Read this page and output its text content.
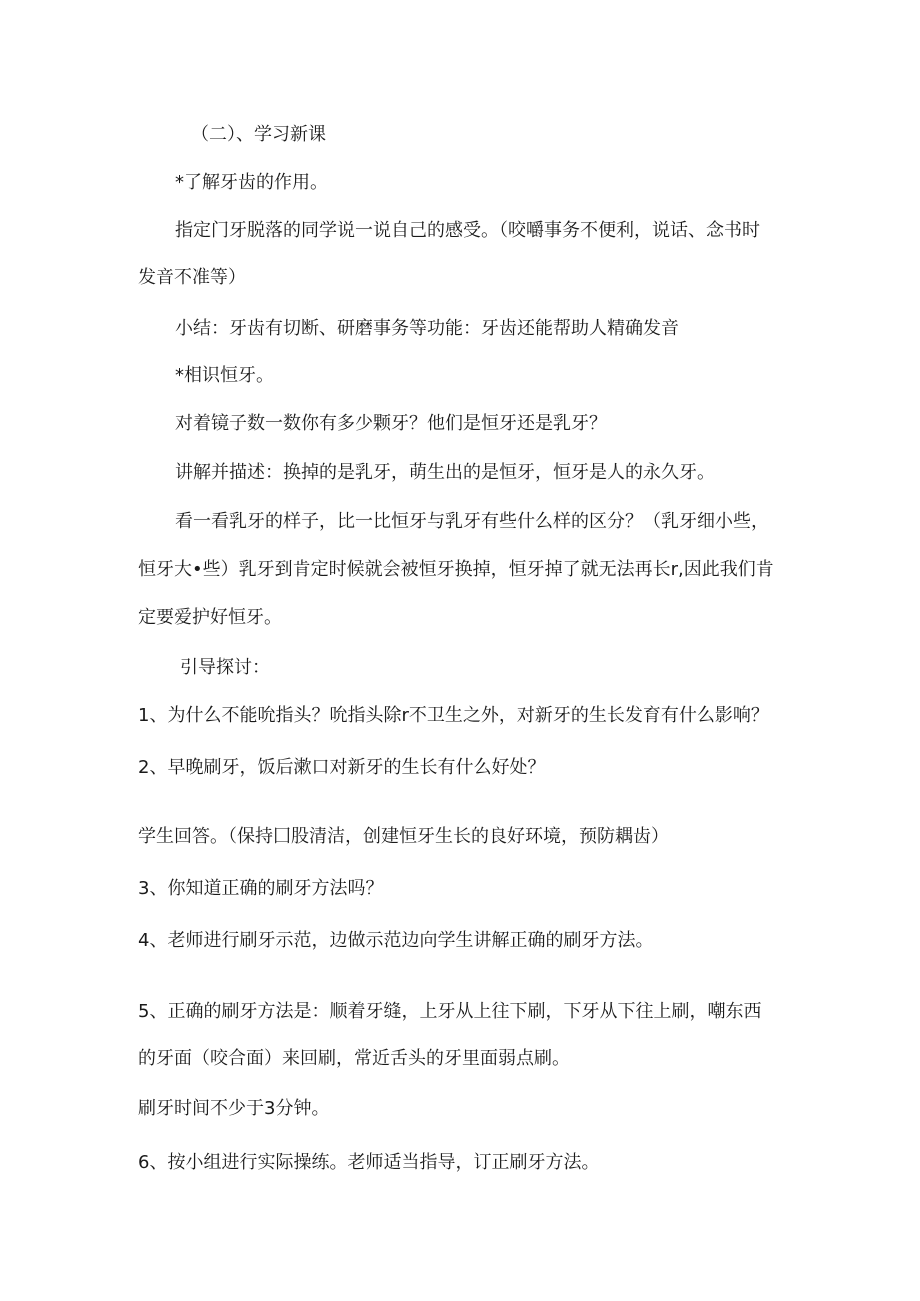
（二）、学习新课
*了解牙齿的作用。
指定门牙脱落的同学说一说自己的感受。（咬嚼事务不便利，说话、念书时
发音不准等）
小结：牙齿有切断、研磨事务等功能：牙齿还能帮助人精确发音
*相识恒牙。
对着镜子数一数你有多少颗牙？他们是恒牙还是乳牙？
讲解并描述：换掉的是乳牙，萌生出的是恒牙，恒牙是人的永久牙。
看一看乳牙的样子，比一比恒牙与乳牙有些什么样的区分？（乳牙细小些，
恒牙大•些）乳牙到肯定时候就会被恒牙换掉，恒牙掉了就无法再长r,因此我们肯
定要爱护好恒牙。
引导探讨：
1、为什么不能吮指头？吮指头除r不卫生之外，对新牙的生长发育有什么影响？
2、早晚刷牙，饭后漱口对新牙的生长有什么好处？
学生回答。（保持囗股清洁，创建恒牙生长的良好环境，预防耦齿）
3、你知道正确的刷牙方法吗？
4、老师进行刷牙示范，边做示范边向学生讲解正确的刷牙方法。
5、正确的刷牙方法是：顺着牙缝，上牙从上往下刷，下牙从下往上刷，嘲东西
的牙面（咬合面）来回刷，常近舌头的牙里面弱点刷。
刷牙时间不少于3分钟。
6、按小组进行实际操练。老师适当指导，订正刷牙方法。
